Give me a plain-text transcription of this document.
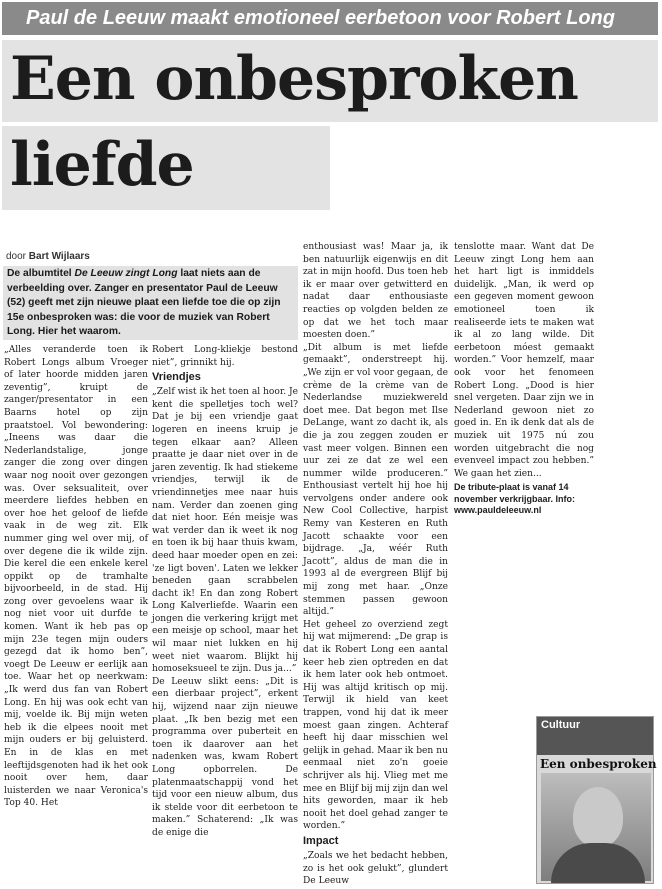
Paul de Leeuw maakt emotioneel eerbetoon voor Robert Long
Een onbesproken
liefde
door Bart Wijlaars
De albumtitel De Leeuw zingt Long laat niets aan de verbeelding over. Zanger en presentator Paul de Leeuw (52) geeft met zijn nieuwe plaat een liefde toe die op zijn 15e onbesproken was: die voor de muziek van Robert Long. Hier het waarom.

„Alles veranderde toen ik Robert Longs album Vroeger of later hoorde midden jaren zeventig”, kruipt de zanger/presentator in een Baarns hotel op zijn praatstoel. Vol bewondering: „Ineens was daar die Nederlandstalige, jonge zanger die zong over dingen waar nog nooit over gezongen was. Over seksualiteit, over meerdere liefdes hebben en over hoe het geloof de liefde vaak in de weg zit. Elk nummer ging wel over mij, of over degene die ik wilde zijn. Die kerel die een enkele kerel oppikt op de tramhalte bijvoorbeeld, in de stad. Hij zong over gevoelens waar ik nog niet voor uit durfde te komen. Want ik heb pas op mijn 23e tegen mijn ouders gezegd dat ik homo ben”, voegt De Leeuw er eerlijk aan toe. Waar het op neerkwam: „Ik werd dus fan van Robert Long. En hij was ook echt van mij, voelde ik. Bij mijn weten heb ik die elpees nooit met mijn ouders er bij geluisterd. En in de klas en met leeftijdsgenoten had ik het ook nooit over hem, daar luisterden we naar Veronica's Top 40. Het

Robert Long-kliekje bestond niet”, grinnikt hij.

Vriendjes

„Zelf wist ik het toen al hoor. Je kent die spelletjes toch wel? Dat je bij een vriendje gaat logeren en ineens kruip je tegen elkaar aan? Alleen praatte je daar niet over in de jaren zeventig. Ik had stiekeme vriendjes, terwijl ik de vriendinnetjes mee naar huis nam. Verder dan zoenen ging dat niet hoor. Eén meisje was wat verder dan ik weet ik nog en toen ik bij haar thuis kwam, deed haar moeder open en zei: 'ze ligt boven'. Laten we lekker beneden gaan scrabbelen dacht ik! En dan zong Robert Long Kalverliefde. Waarin een jongen die verkering krijgt met een meisje op school, maar het wil maar niet lukken en hij weet niet waarom. Blijkt hij homoseksueel te zijn. Dus ja...”

De Leeuw slikt eens: „Dit is een dierbaar project”, erkent hij, wijzend naar zijn nieuwe plaat. „Ik ben bezig met een programma over puberteit en toen ik daarover aan het nadenken was, kwam Robert Long opborrelen. De platenmaatschappij vond het tijd voor een nieuw album, dus ik stelde voor dit eerbetoon te maken.” Schaterend: „Ik was de enige die

enthousiast was! Maar ja, ik ben natuurlijk eigenwijs en dit zat in mijn hoofd. Dus toen heb ik er maar over getwitterd en nadat daar enthousiaste reacties op volgden belden ze op dat we het toch maar moesten doen.”

„Dit album is met liefde gemaakt”, onderstreept hij. „We zijn er vol voor gegaan, de crème de la crème van de Nederlandse muziekwereld doet mee. Dat begon met Ilse DeLange, want zo dacht ik, als die ja zou zeggen zouden er vast meer volgen. Binnen een uur zei ze dat ze wel een nummer wilde produceren.” Enthousiast vertelt hij hoe hij vervolgens onder andere ook New Cool Collective, harpist Remy van Kesteren en Ruth Jacott schaakte voor een bijdrage. „Ja, wéér Ruth Jacott”, aldus de man die in 1993 al de evergreen Blijf bij mij zong met haar. „Onze stemmen passen gewoon altijd.”

Het geheel zo overziend zegt hij wat mijmerend: „De grap is dat ik Robert Long een aantal keer heb zien optreden en dat ik hem later ook heb ontmoet. Hij was altijd kritisch op mij. Terwijl ik hield van keet trappen, vond hij dat ik meer moest gaan zingen. Achteraf heeft hij daar misschien wel gelijk in gehad. Maar ik ben nu eenmaal niet zo'n goeie schrijver als hij. Vlieg met me mee en Blijf bij mij zijn dan wel hits geworden, maar ik heb nooit het doel gehad zanger te worden.”

Impact

„Zoals we het bedacht hebben, zo is het ook gelukt”, glundert De Leeuw

tenslotte maar. Want dat De Leeuw zingt Long hem aan het hart ligt is inmiddels duidelijk. „Man, ik werd op een gegeven moment gewoon emotioneel toen ik realiseerde iets te maken wat ik al zo lang wilde. Dit eerbetoon móest gemaakt worden.” Voor hemzelf, maar ook voor het fenomeen Robert Long. „Dood is hier snel vergeten. Daar zijn we in Nederland gewoon niet zo goed in. En ik denk dat als de muziek uit 1975 nú zou worden uitgebracht die nog evenveel impact zou hebben.” We gaan het zien...

De tribute-plaat is vanaf 14 november verkrijgbaar. Info: www.pauldeleeuw.nl
Cultuur
Een onbesproken
